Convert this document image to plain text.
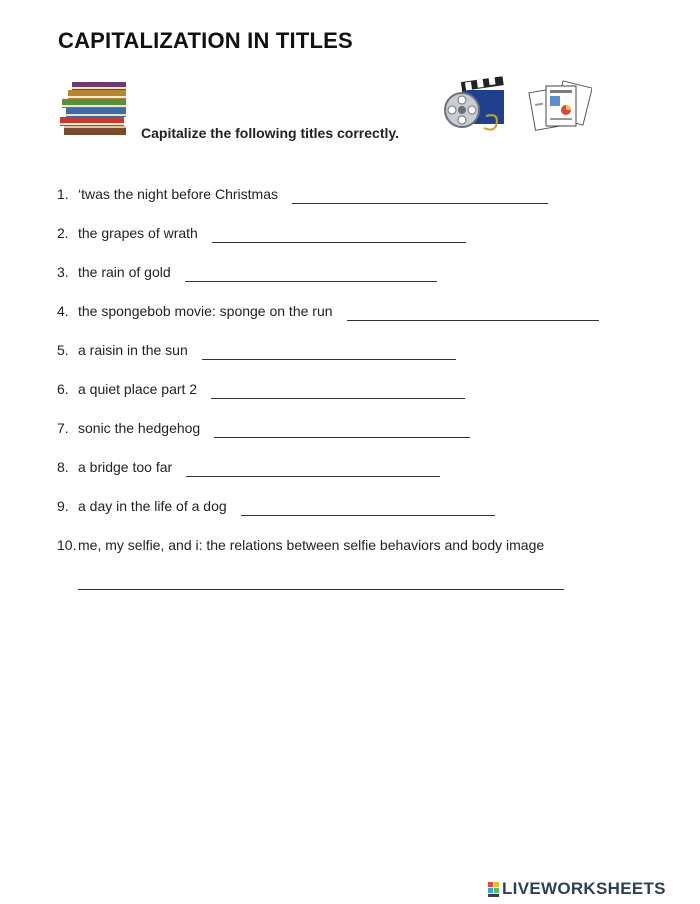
CAPITALIZATION IN TITLES
Capitalize the following titles correctly.
1. ‘twas the night before Christmas
2. the grapes of wrath
3. the rain of gold
4. the spongebob movie: sponge on the run
5. a raisin in the sun
6. a quiet place part 2
7. sonic the hedgehog
8. a bridge too far
9. a day in the life of a dog
10. me, my selfie, and i: the relations between selfie behaviors and body image
LIVEWORKSHEETS
